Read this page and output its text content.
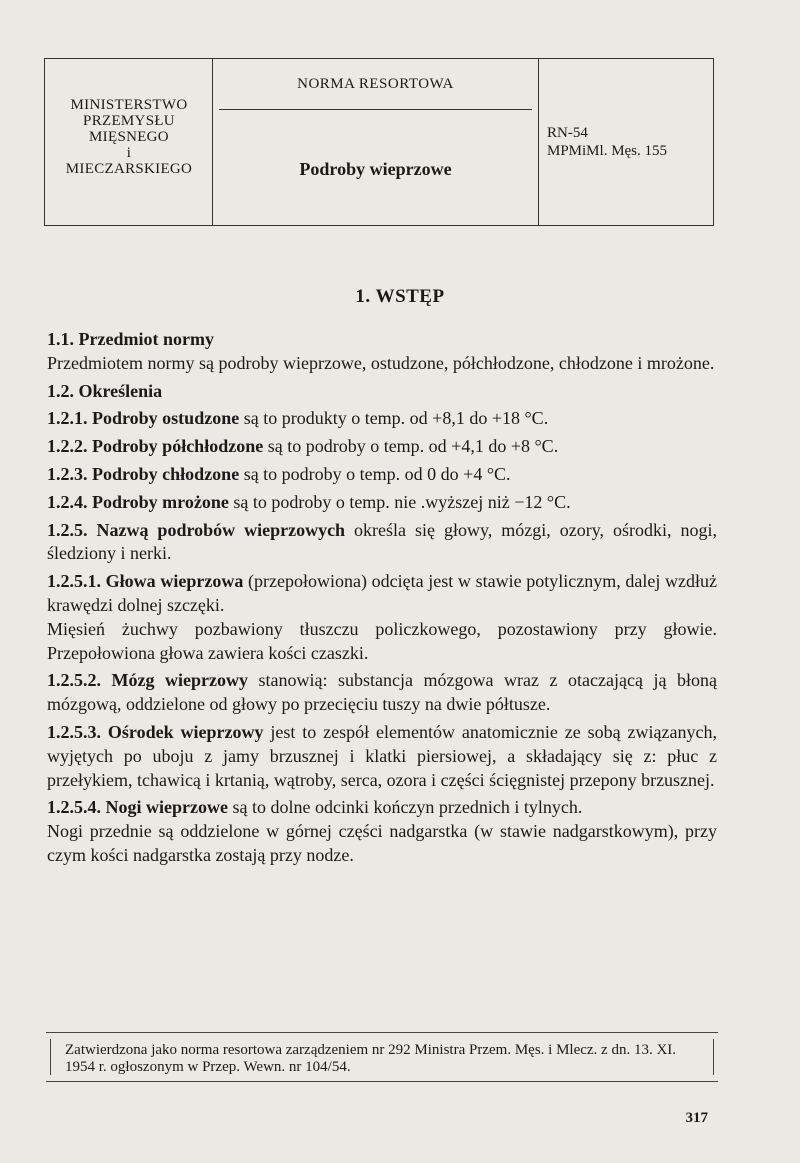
MINISTERSTWO
PRZEMYSŁU
MIĘSNEGO
i
MIECZARSKIEGO
NORMA RESORTOWA
Podroby wieprzowe
RN-54
MPMiMl. Męs. 155
1. WSTĘP

1.1. Przedmiot normy

Przedmiotem normy są podroby wieprzowe, ostudzone, półchłodzone, chłodzone i mrożone.

1.2. Określenia

1.2.1. Podroby ostudzone są to produkty o temp. od +8,1 do +18 °C.

1.2.2. Podroby półchłodzone są to podroby o temp. od +4,1 do +8 °C.

1.2.3. Podroby chłodzone są to podroby o temp. od 0 do +4 °C.

1.2.4. Podroby mrożone są to podroby o temp. nie .wyższej niż −12 °C.

1.2.5. Nazwą podrobów wieprzowych określa się głowy, mózgi, ozory, ośrodki, nogi, śledziony i nerki.

1.2.5.1. Głowa wieprzowa (przepołowiona) odcięta jest w stawie potylicznym, dalej wzdłuż krawędzi dolnej szczęki.

Mięsień żuchwy pozbawiony tłuszczu policzkowego, pozostawiony przy głowie. Przepołowiona głowa zawiera kości czaszki.

1.2.5.2. Mózg wieprzowy stanowią: substancja mózgowa wraz z otaczającą ją błoną mózgową, oddzielone od głowy po przecięciu tuszy na dwie półtusze.

1.2.5.3. Ośrodek wieprzowy jest to zespół elementów anatomicznie ze sobą związanych, wyjętych po uboju z jamy brzusznej i klatki piersiowej, a składający się z: płuc z przełykiem, tchawicą i krtanią, wątroby, serca, ozora i części ścięgnistej przepony brzusznej.

1.2.5.4. Nogi wieprzowe są to dolne odcinki kończyn przednich i tylnych.

Nogi przednie są oddzielone w górnej części nadgarstka (w stawie nadgarstkowym), przy czym kości nadgarstka zostają przy nodze.

Zatwierdzona jako norma resortowa zarządzeniem nr 292 Ministra Przem. Męs. i Mlecz. z dn. 13. XI. 1954 r. ogłoszonym w Przep. Wewn. nr 104/54.
317
